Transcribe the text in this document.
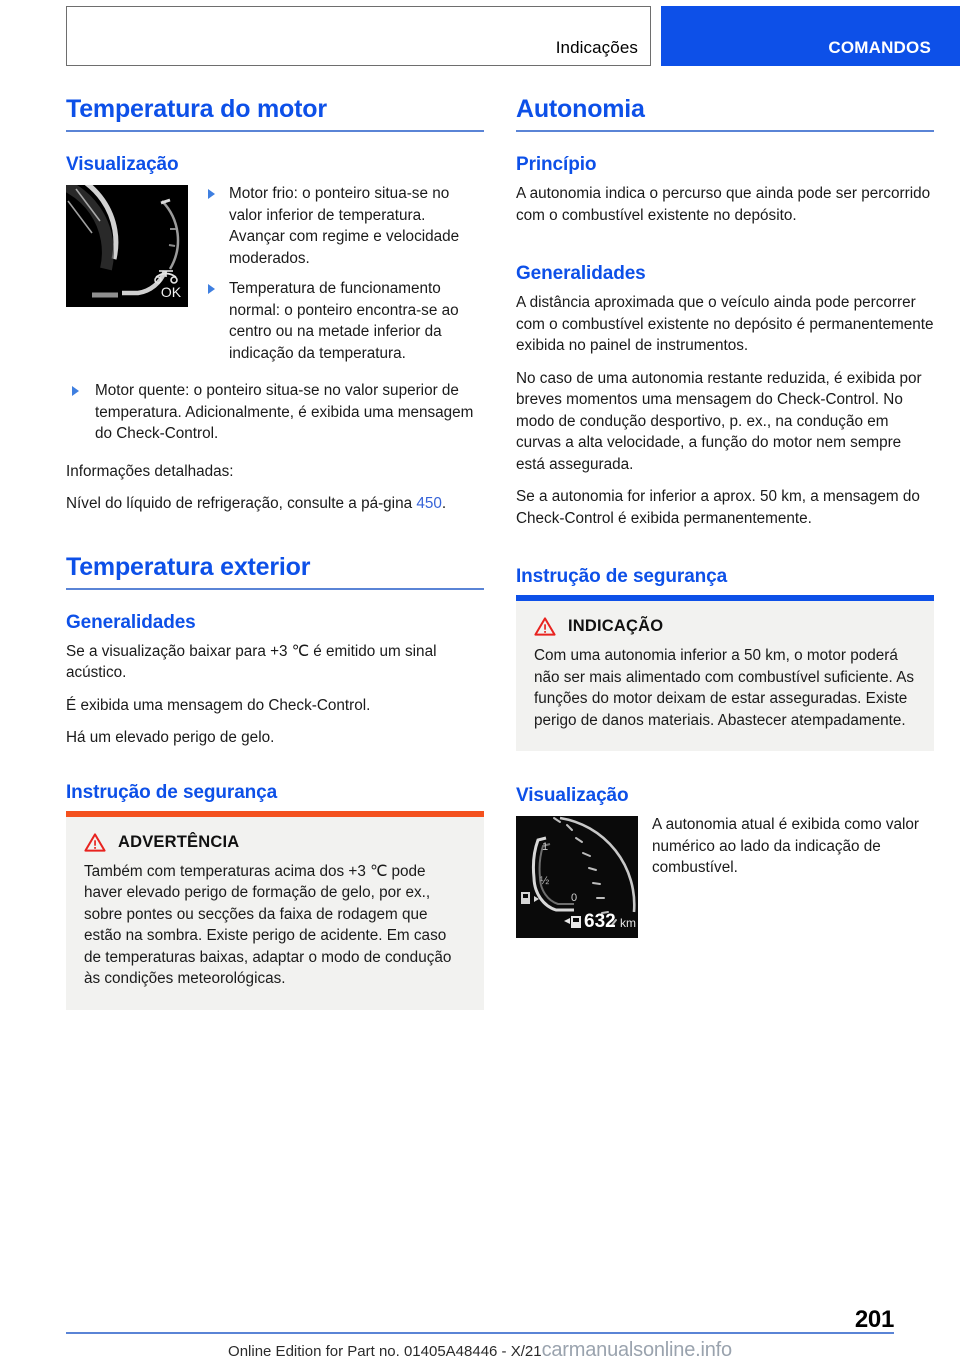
Indicações	COMANDOS
Temperatura do motor
Visualização
OK
Motor frio: o ponteiro situa-se no valor inferior de temperatura. Avançar com regime e velocidade moderados.
Temperatura de funcionamento normal: o ponteiro encontra-se ao centro ou na metade inferior da indicação da temperatura.
Motor quente: o ponteiro situa-se no valor superior de temperatura. Adicionalmente, é exibida uma mensagem do Check-Control.

Informações detalhadas:

Nível do líquido de refrigeração, consulte a pá-gina 450.

Temperatura exterior
Generalidades

Se a visualização baixar para +3 ℃ é emitido um sinal acústico.

É exibida uma mensagem do Check-Control.

Há um elevado perigo de gelo.

Instrução de segurança
ADVERTÊNCIA

Também com temperaturas acima dos +3 ℃ pode haver elevado perigo de formação de gelo, por ex., sobre pontes ou secções da faixa de rodagem que estão na sombra. Existe perigo de acidente. Em caso de temperaturas baixas, adaptar o modo de condução às condições meteorológicas.

Autonomia
Princípio

A autonomia indica o percurso que ainda pode ser percorrido com o combustível existente no depósito.

Generalidades

A distância aproximada que o veículo ainda pode percorrer com o combustível existente no depósito é permanentemente exibida no painel de instrumentos.

No caso de uma autonomia restante reduzida, é exibida por breves momentos uma mensagem do Check-Control. No modo de condução desportivo, p. ex., na condução em curvas a alta velocidade, a função do motor nem sempre está assegurada.

Se a autonomia for inferior a aprox. 50 km, a mensagem do Check-Control é exibida permanentemente.

Instrução de segurança
INDICAÇÃO

Com uma autonomia inferior a 50 km, o motor poderá não ser mais alimentado com combustível suficiente. As funções do motor deixam de estar asseguradas. Existe perigo de danos materiais. Abastecer atempadamente.

Visualização
1
½
0
632 km

A autonomia atual é exibida como valor numérico ao lado da indicação de combustível.

201
Online Edition for Part no. 01405A48446 - X/21carmanualsonline.info
